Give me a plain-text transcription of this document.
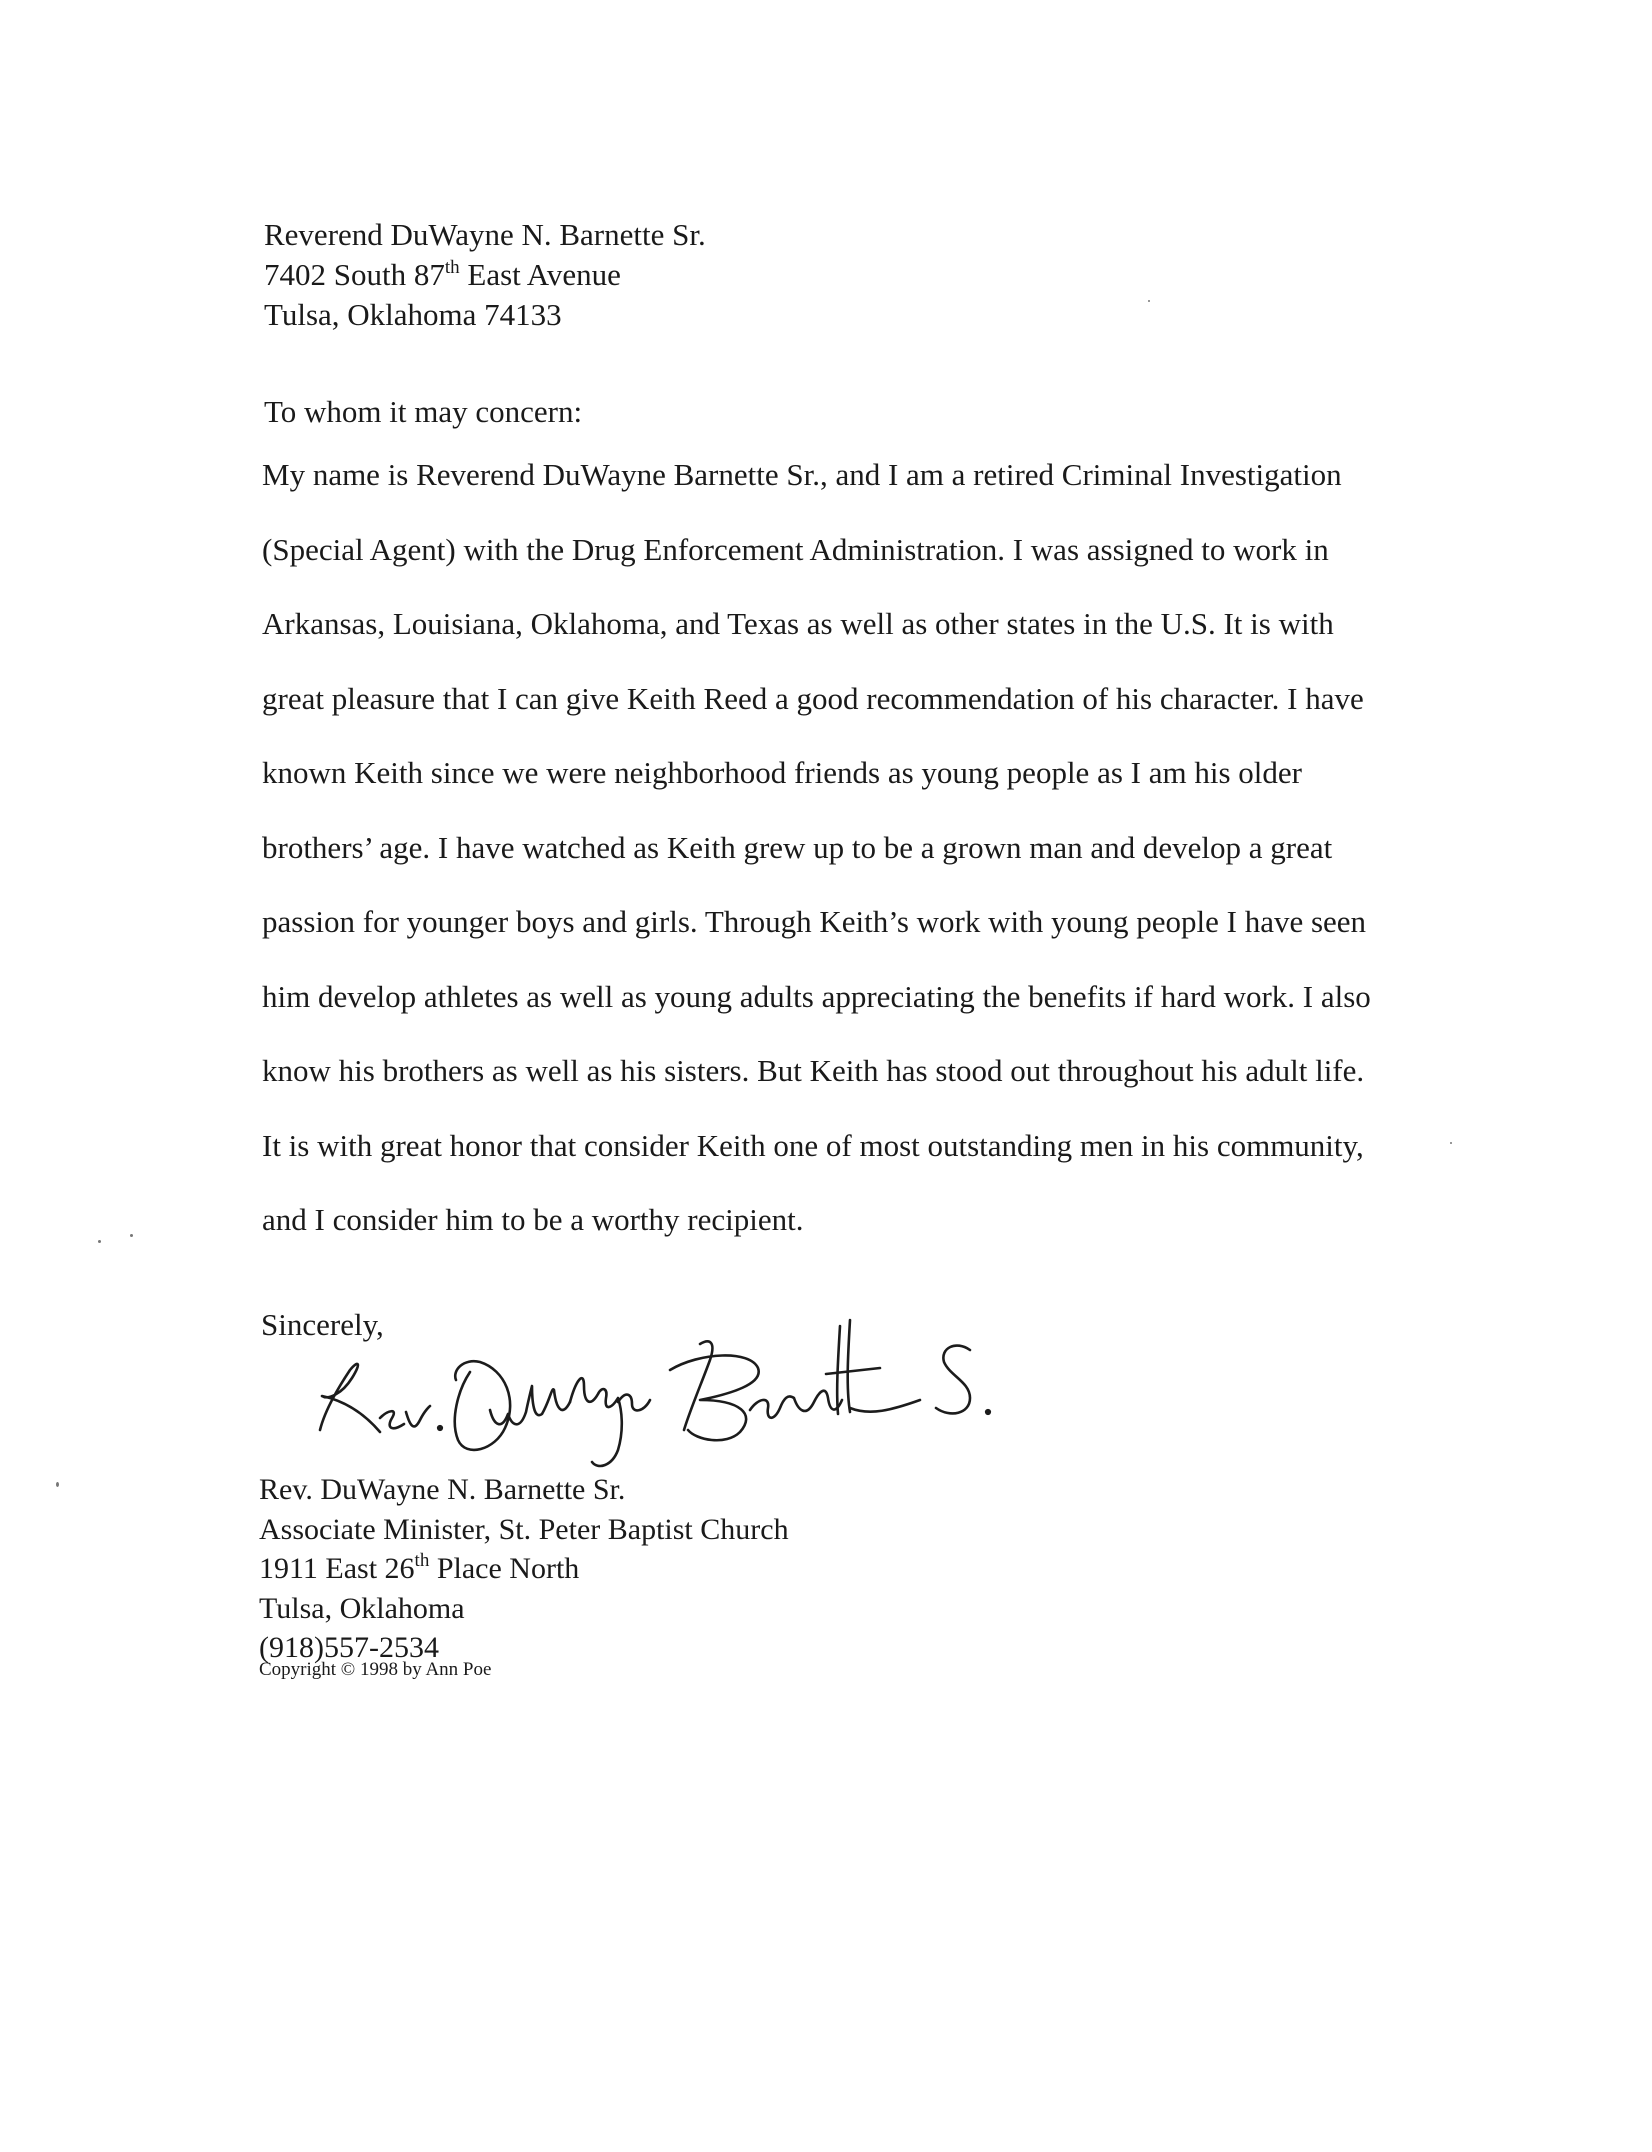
Reverend DuWayne N. Barnette Sr.
7402 South 87th East Avenue
Tulsa, Oklahoma 74133
To whom it may concern:
My name is Reverend DuWayne Barnette Sr., and I am a retired Criminal Investigation
(Special Agent) with the Drug Enforcement Administration. I was assigned to work in
Arkansas, Louisiana, Oklahoma, and Texas as well as other states in the U.S. It is with
great pleasure that I can give Keith Reed a good recommendation of his character. I have
known Keith since we were neighborhood friends as young people as I am his older
brothers’ age. I have watched as Keith grew up to be a grown man and develop a great
passion for younger boys and girls. Through Keith’s work with young people I have seen
him develop athletes as well as young adults appreciating the benefits if hard work. I also
know his brothers as well as his sisters. But Keith has stood out throughout his adult life.
It is with great honor that consider Keith one of most outstanding men in his community,
and I consider him to be a worthy recipient.
Sincerely,
Rev. DuWayne N. Barnette Sr.
Associate Minister, St. Peter Baptist Church
1911 East 26th Place North
Tulsa, Oklahoma
(918)557-2534
Copyright © 1998 by Ann Poe
